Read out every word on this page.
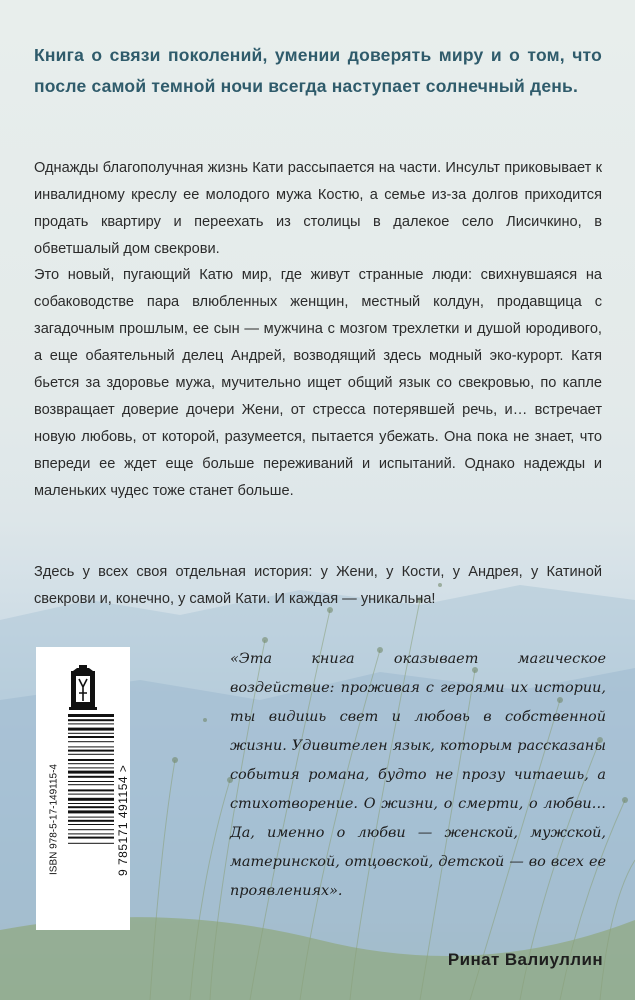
Книга о связи поколений, умении доверять миру и о том, что после самой темной ночи всегда наступает солнечный день.
Однажды благополучная жизнь Кати рассыпается на части. Инсульт приковывает к инвалидному креслу ее молодого мужа Костю, а семье из-за долгов приходится продать квартиру и переехать из столицы в далекое село Лисичкино, в обветшалый дом свекрови.
Это новый, пугающий Катю мир, где живут странные люди: свихнувшаяся на собаководстве пара влюбленных женщин, местный колдун, продавщица с загадочным прошлым, ее сын — мужчина с мозгом трехлетки и душой юродивого, а еще обаятельный делец Андрей, возводящий здесь модный эко-курорт. Катя бьется за здоровье мужа, мучительно ищет общий язык со свекровью, по капле возвращает доверие дочери Жени, от стресса потерявшей речь, и… встречает новую любовь, от которой, разумеется, пытается убежать. Она пока не знает, что впереди ее ждет еще больше переживаний и испытаний. Однако надежды и маленьких чудес тоже станет больше.
Здесь у всех своя отдельная история: у Жени, у Кости, у Андрея, у Катиной свекрови и, конечно, у самой Кати. И каждая — уникальна!
ISBN 978-5-17-149115-4	9 785171 491154 >
«Эта книга оказывает магическое воздействие: проживая с героями их истории, ты видишь свет и любовь в собственной жизни. Удивителен язык, которым рассказаны события романа, будто не прозу читаешь, а стихотворение. О жизни, о смерти, о любви… Да, именно о любви — женской, мужской, материнской, отцовской, детской — во всех ее проявлениях».
Ринат Валиуллин
